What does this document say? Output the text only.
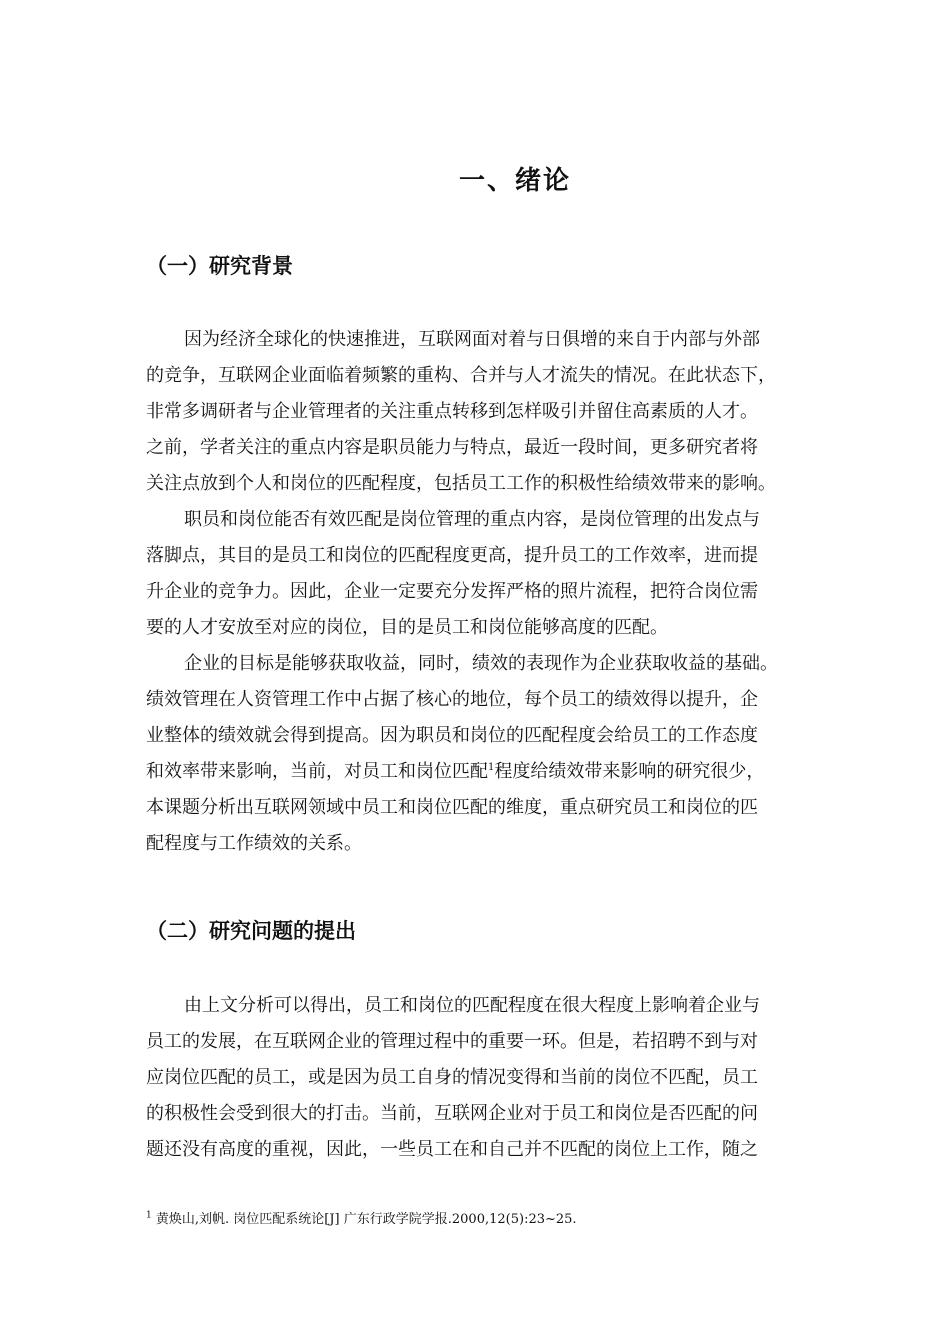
一、绪论
（一）研究背景
因为经济全球化的快速推进，互联网面对着与日俱增的来自于内部与外部
的竞争，互联网企业面临着频繁的重构、合并与人才流失的情况。在此状态下，
非常多调研者与企业管理者的关注重点转移到怎样吸引并留住高素质的人才。
之前，学者关注的重点内容是职员能力与特点，最近一段时间，更多研究者将
关注点放到个人和岗位的匹配程度，包括员工工作的积极性给绩效带来的影响。
职员和岗位能否有效匹配是岗位管理的重点内容，是岗位管理的出发点与
落脚点，其目的是员工和岗位的匹配程度更高，提升员工的工作效率，进而提
升企业的竞争力。因此，企业一定要充分发挥严格的照片流程，把符合岗位需
要的人才安放至对应的岗位，目的是员工和岗位能够高度的匹配。
企业的目标是能够获取收益，同时，绩效的表现作为企业获取收益的基础。
绩效管理在人资管理工作中占据了核心的地位，每个员工的绩效得以提升，企
业整体的绩效就会得到提高。因为职员和岗位的匹配程度会给员工的工作态度
和效率带来影响，当前，对员工和岗位匹配$^1$程度给绩效带来影响的研究很少，
本课题分析出互联网领域中员工和岗位匹配的维度，重点研究员工和岗位的匹
配程度与工作绩效的关系。
（二）研究问题的提出
由上文分析可以得出，员工和岗位的匹配程度在很大程度上影响着企业与
员工的发展，在互联网企业的管理过程中的重要一环。但是，若招聘不到与对
应岗位匹配的员工，或是因为员工自身的情况变得和当前的岗位不匹配，员工
的积极性会受到很大的打击。当前，互联网企业对于员工和岗位是否匹配的问
题还没有高度的重视，因此，一些员工在和自己并不匹配的岗位上工作，随之
$^1$ 黄焕山,刘帆. 岗位匹配系统论[J] 广东行政学院学报.2000,12(5):23~25.
